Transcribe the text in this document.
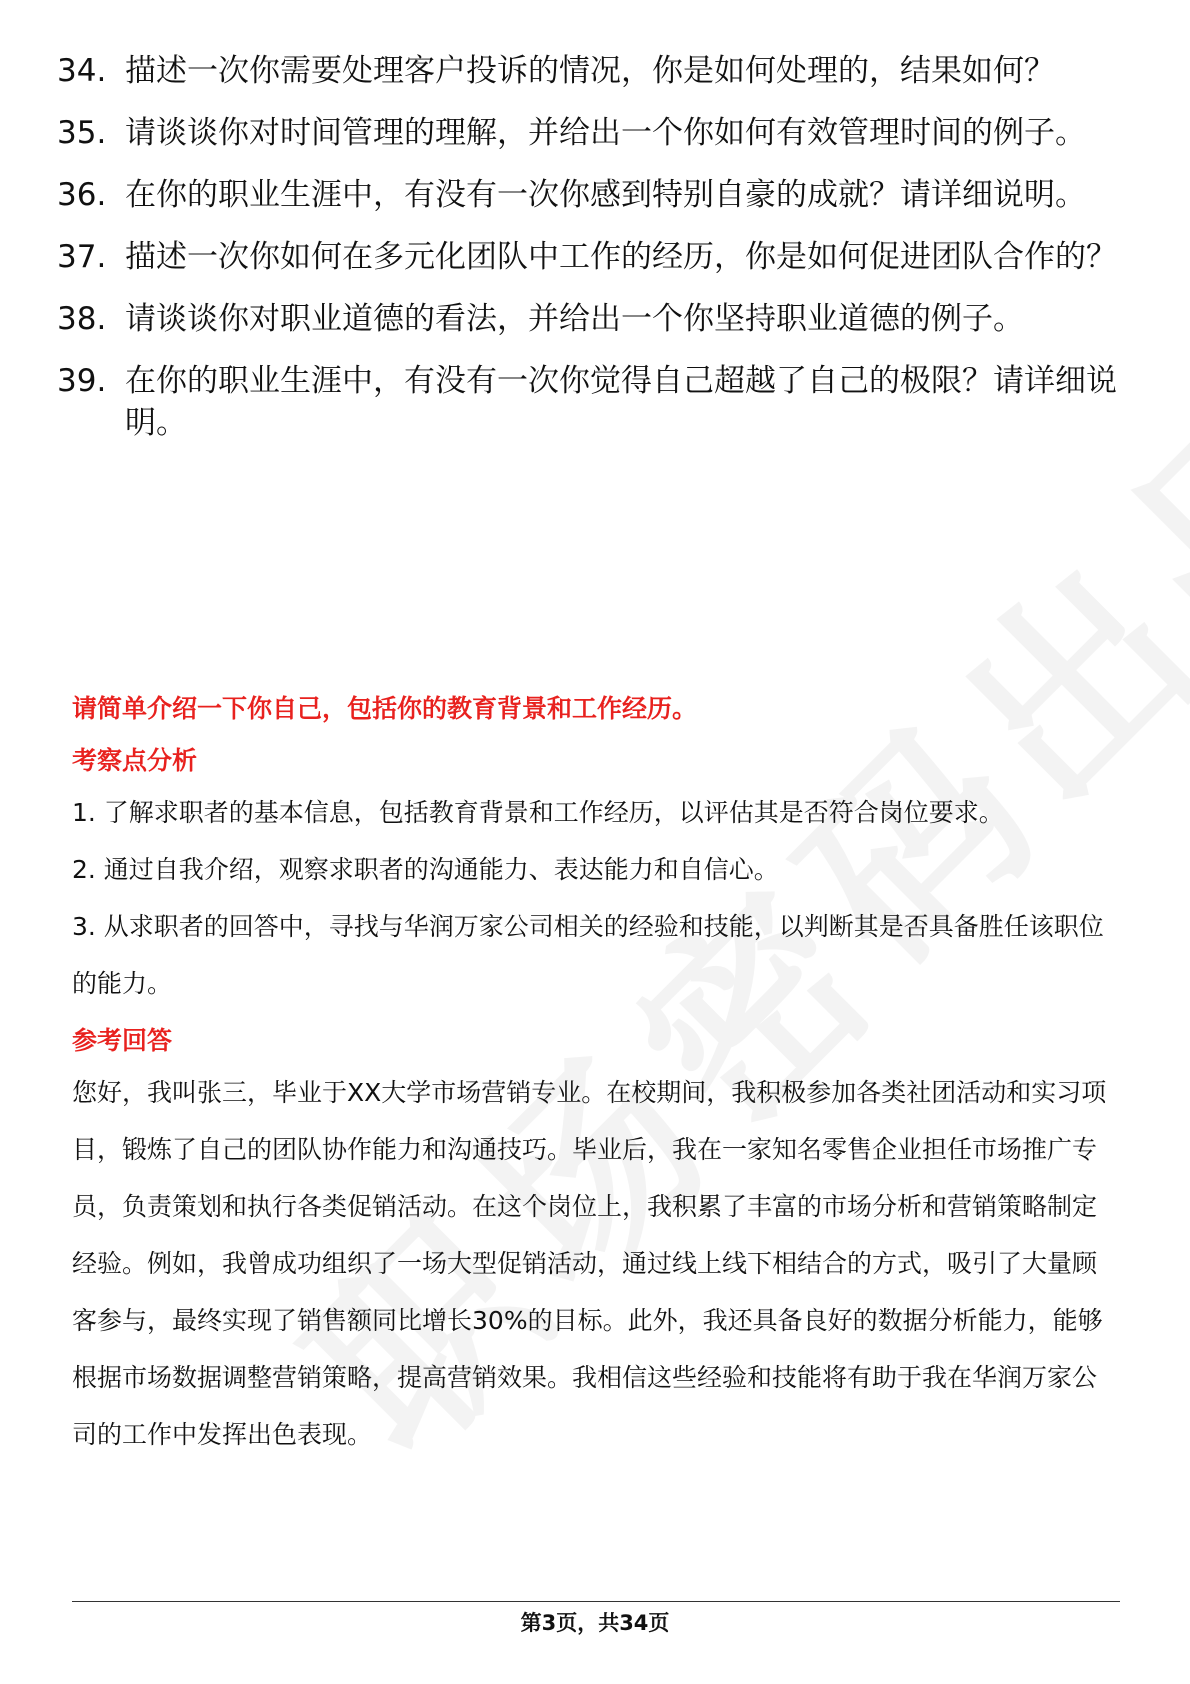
34. 描述一次你需要处理客户投诉的情况，你是如何处理的，结果如何？
35. 请谈谈你对时间管理的理解，并给出一个你如何有效管理时间的例子。
36. 在你的职业生涯中，有没有一次你感到特别自豪的成就？请详细说明。
37. 描述一次你如何在多元化团队中工作的经历，你是如何促进团队合作的？
38. 请谈谈你对职业道德的看法，并给出一个你坚持职业道德的例子。
39. 在你的职业生涯中，有没有一次你觉得自己超越了自己的极限？请详细说明。

请简单介绍一下你自己，包括你的教育背景和工作经历。

考察点分析

1. 了解求职者的基本信息，包括教育背景和工作经历，以评估其是否符合岗位要求。

2. 通过自我介绍，观察求职者的沟通能力、表达能力和自信心。

3. 从求职者的回答中，寻找与华润万家公司相关的经验和技能，以判断其是否具备胜任该职位的能力。

参考回答

您好，我叫张三，毕业于XX大学市场营销专业。在校期间，我积极参加各类社团活动和实习项目，锻炼了自己的团队协作能力和沟通技巧。毕业后，我在一家知名零售企业担任市场推广专员，负责策划和执行各类促销活动。在这个岗位上，我积累了丰富的市场分析和营销策略制定经验。例如，我曾成功组织了一场大型促销活动，通过线上线下相结合的方式，吸引了大量顾客参与，最终实现了销售额同比增长30%的目标。此外，我还具备良好的数据分析能力，能够根据市场数据调整营销策略，提高营销效果。我相信这些经验和技能将有助于我在华润万家公司的工作中发挥出色表现。

第3页，共34页
